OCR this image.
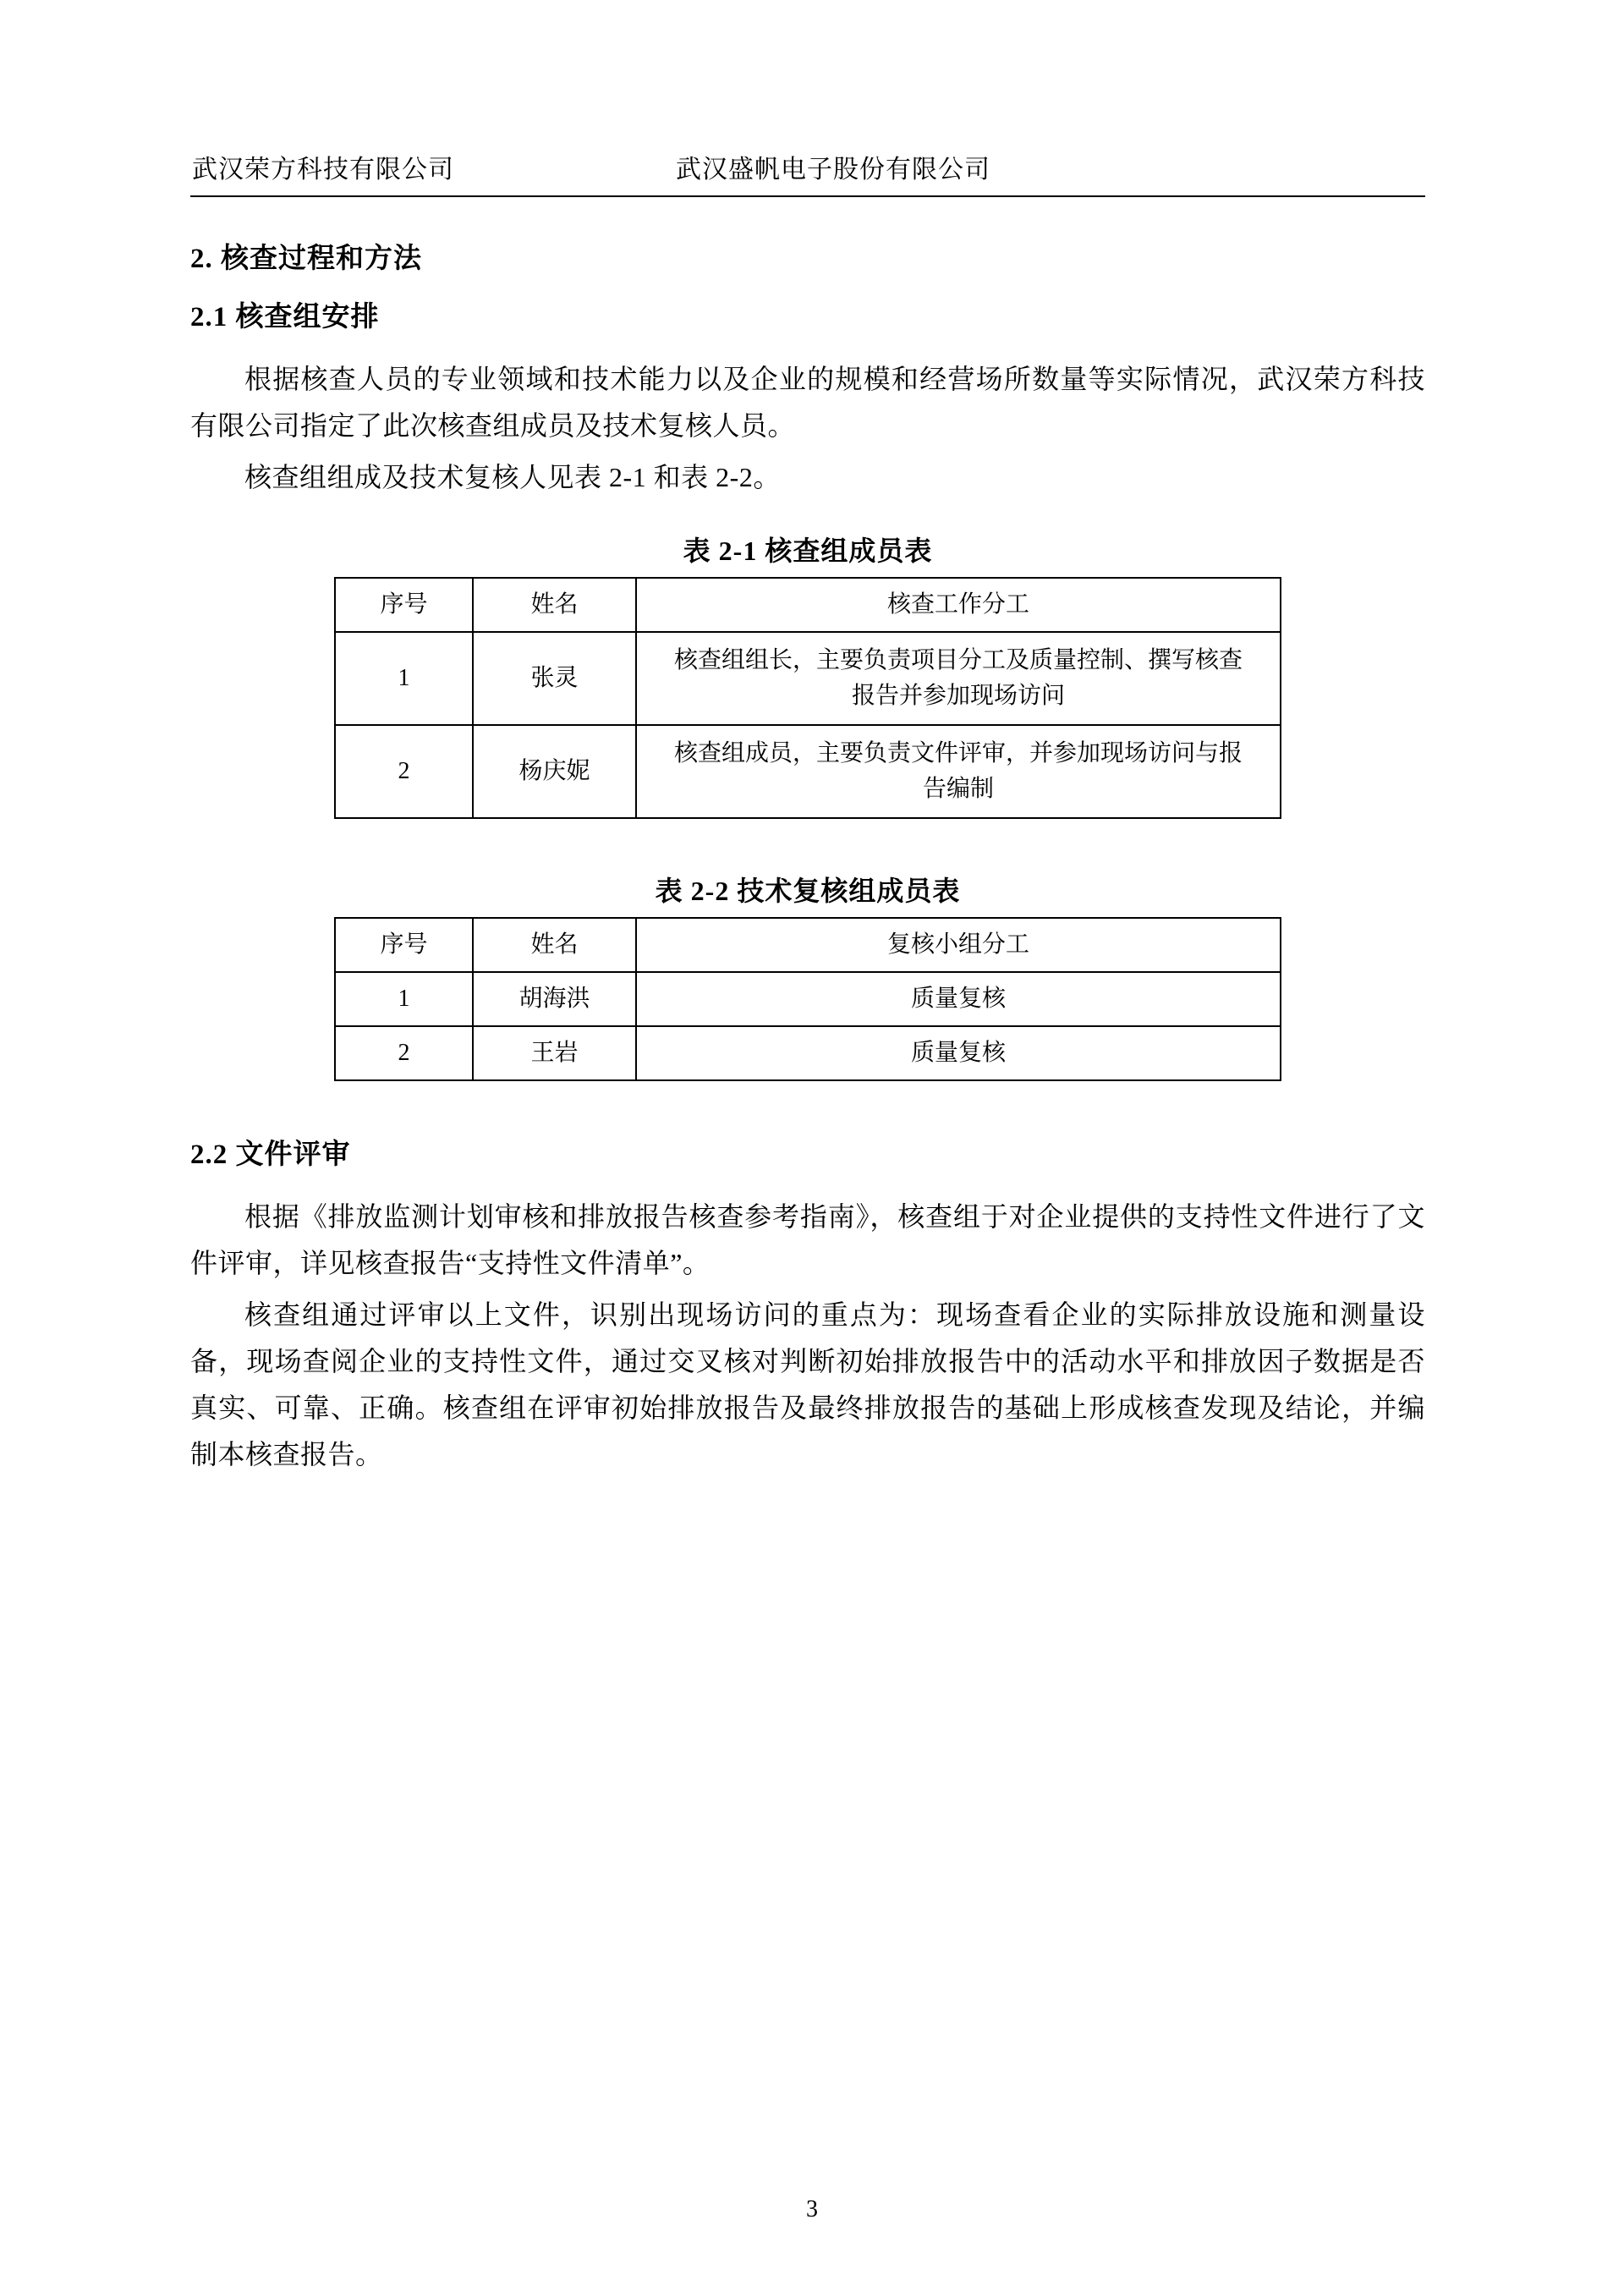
武汉荣方科技有限公司	武汉盛帆电子股份有限公司
2. 核查过程和方法
2.1 核查组安排

根据核查人员的专业领域和技术能力以及企业的规模和经营场所数量等实际情况，武汉荣方科技有限公司指定了此次核查组成员及技术复核人员。

核查组组成及技术复核人见表 2-1 和表 2-2。

表 2-1 核查组成员表
序号	姓名	核查工作分工
1	张灵	核查组组长，主要负责项目分工及质量控制、撰写核查报告并参加现场访问
2	杨庆妮	核查组成员，主要负责文件评审，并参加现场访问与报告编制
表 2-2 技术复核组成员表
序号	姓名	复核小组分工
1	胡海洪	质量复核
2	王岩	质量复核
2.2 文件评审

根据《排放监测计划审核和排放报告核查参考指南》，核查组于对企业提供的支持性文件进行了文件评审，详见核查报告“支持性文件清单”。

核查组通过评审以上文件，识别出现场访问的重点为：现场查看企业的实际排放设施和测量设备，现场查阅企业的支持性文件，通过交叉核对判断初始排放报告中的活动水平和排放因子数据是否真实、可靠、正确。核查组在评审初始排放报告及最终排放报告的基础上形成核查发现及结论，并编制本核查报告。

3
